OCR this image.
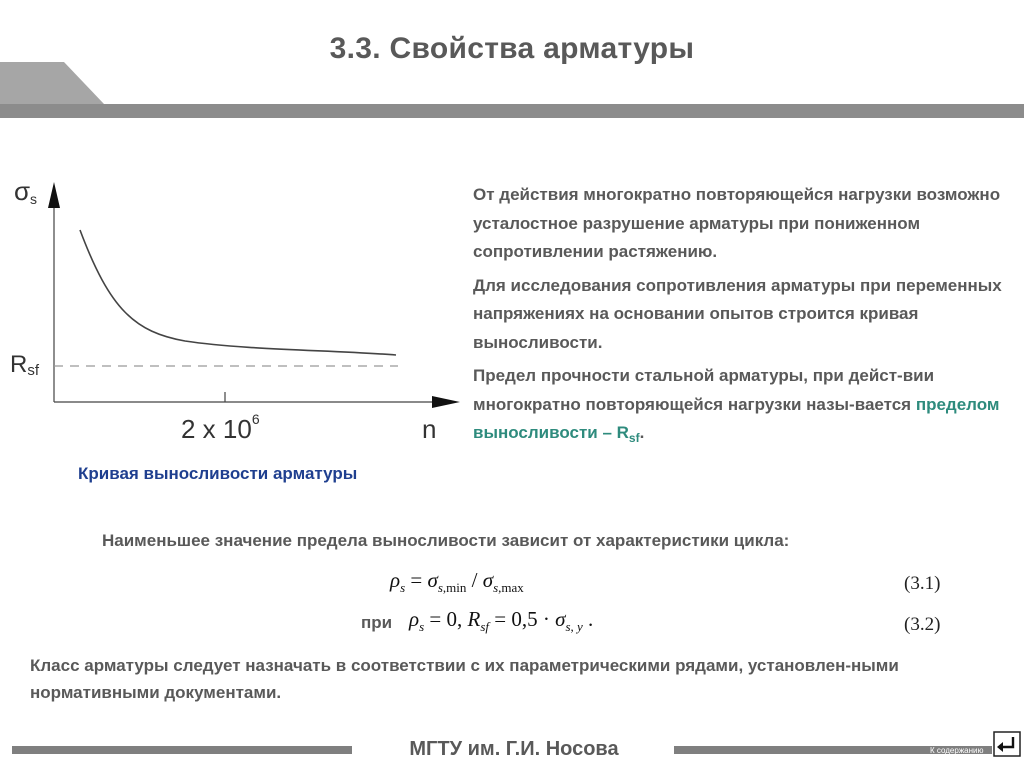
3.3. Свойства арматуры
σs
Rsf
2 x $10^6$	n
Кривая выносливости арматуры

От действия многократно повторяющейся нагрузки возможно усталостное разрушение арматуры при пониженном сопротивлении растяжению.

Для исследования сопротивления арматуры при переменных напряжениях на основании опытов строится кривая выносливости.

Предел прочности стальной арматуры, при дейст-вии многократно повторяющейся нагрузки назы-вается пределом выносливости – $R_{sf}$.

Наименьшее значение предела выносливости зависит от характеристики цикла:
$\rho_s = \sigma_{s,min} / \sigma_{s,max}$	(3.1)
при $\rho_s = 0$, $R_{sf} = 0,5 \cdot \sigma_{s, y}$ .	(3.2)
Класс арматуры следует назначать в соответствии с их параметрическими рядами, установлен-ными нормативными документами.
МГТУ им. Г.И. Носова	К содержанию
